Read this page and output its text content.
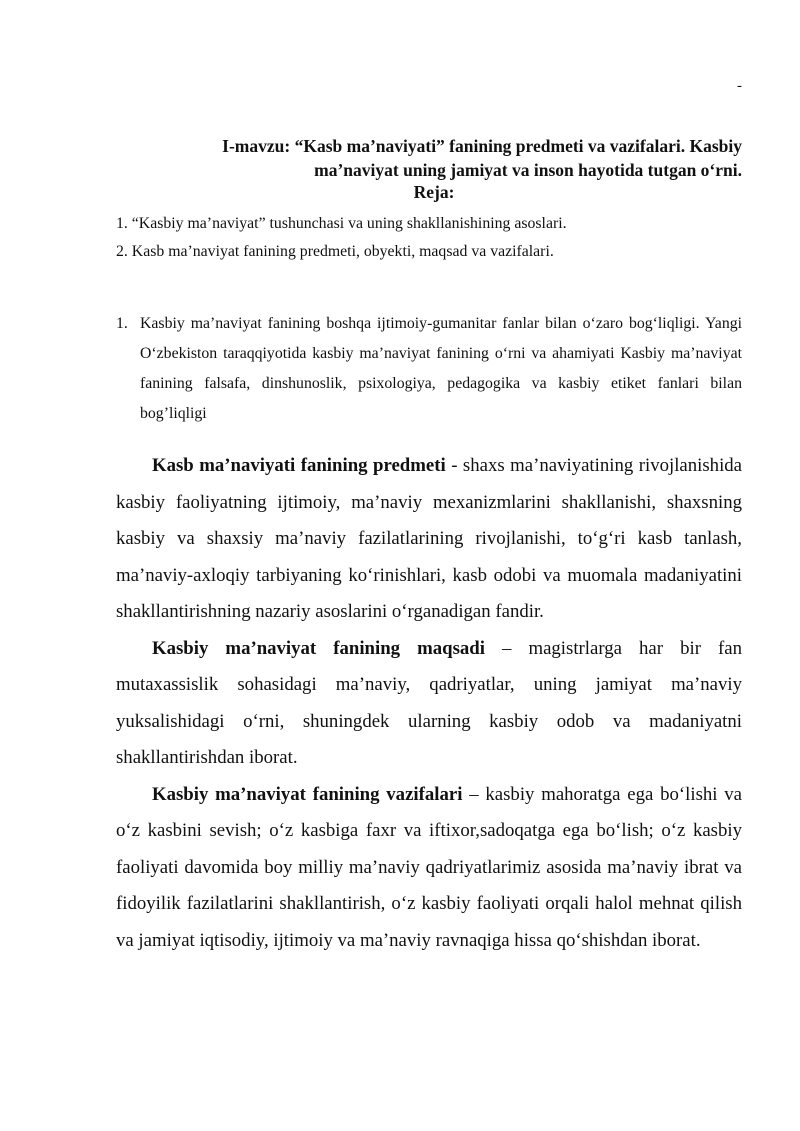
-
I-mavzu: “Kasb ma’naviyati” fanining predmeti va vazifalari. Kasbiy
ma’naviyat uning jamiyat va inson hayotida tutgan o‘rni.
Reja:
1. “Kasbiy ma’naviyat” tushunchasi va uning shakllanishining asoslari.
2. Kasb ma’naviyat fanining predmeti, obyekti, maqsad va vazifalari.
1. Kasbiy ma’naviyat fanining boshqa ijtimoiy-gumanitar fanlar bilan o‘zaro bog‘liqligi. Yangi O‘zbekiston taraqqiyotida kasbiy ma’naviyat fanining o‘rni va ahamiyati Kasbiy ma’naviyat fanining falsafa, dinshunoslik, psixologiya, pedagogika va kasbiy etiket fanlari bilan bog’liqligi

Kasb ma’naviyati fanining predmeti - shaxs ma’naviyatining rivojlanishida kasbiy faoliyatning ijtimoiy, ma’naviy mexanizmlarini shakllanishi, shaxsning kasbiy va shaxsiy ma’naviy fazilatlarining rivojlanishi, to‘g‘ri kasb tanlash, ma’naviy-axloqiy tarbiyaning ko‘rinishlari, kasb odobi va muomala madaniyatini shakllantirishning nazariy asoslarini o‘rganadigan fandir.

Kasbiy ma’naviyat fanining maqsadi – magistrlarga har bir fan mutaxassislik sohasidagi ma’naviy, qadriyatlar, uning jamiyat ma’naviy yuksalishidagi o‘rni, shuningdek ularning kasbiy odob va madaniyatni shakllantirishdan iborat.

Kasbiy ma’naviyat fanining vazifalari – kasbiy mahoratga ega bo‘lishi va o‘z kasbini sevish; o‘z kasbiga faxr va iftixor,sadoqatga ega bo‘lish; o‘z kasbiy faoliyati davomida boy milliy ma’naviy qadriyatlarimiz asosida ma’naviy ibrat va fidoyilik fazilatlarini shakllantirish, o‘z kasbiy faoliyati orqali halol mehnat qilish va jamiyat iqtisodiy, ijtimoiy va ma’naviy ravnaqiga hissa qo‘shishdan iborat.
